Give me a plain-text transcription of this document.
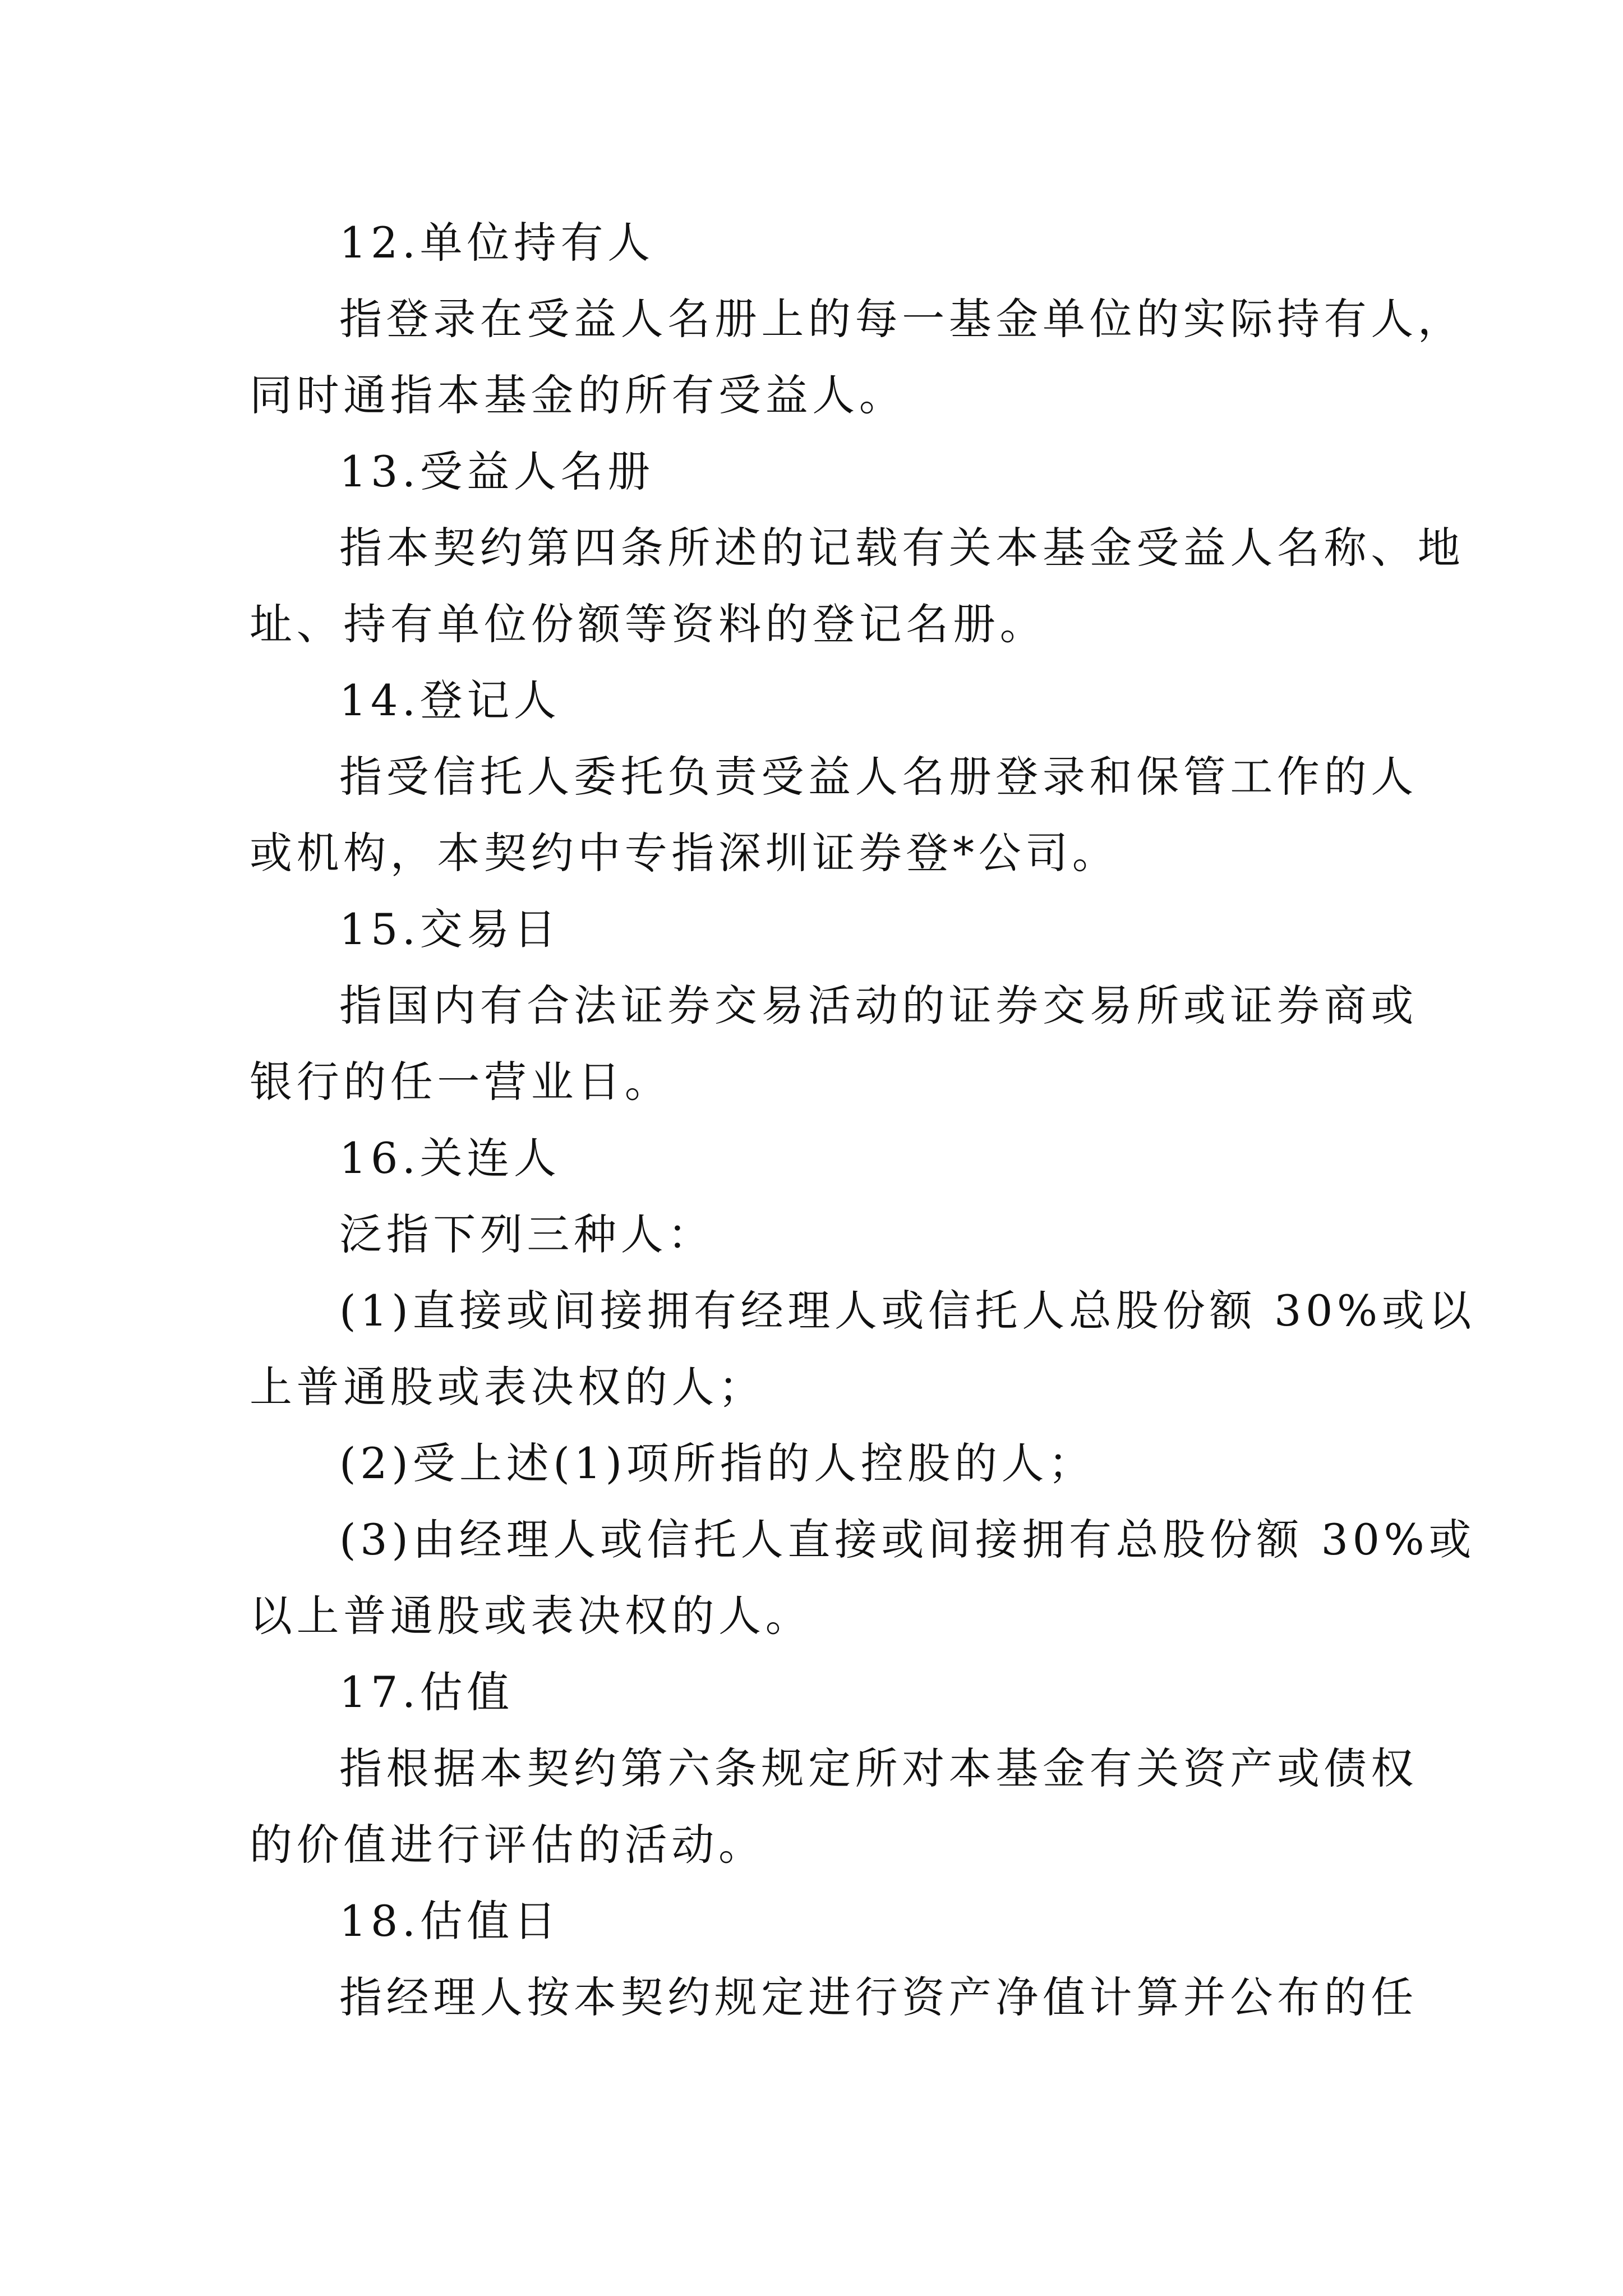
12.单位持有人

指登录在受益人名册上的每一基金单位的实际持有人，

同时通指本基金的所有受益人。

13.受益人名册

指本契约第四条所述的记载有关本基金受益人名称、地

址、持有单位份额等资料的登记名册。

14.登记人

指受信托人委托负责受益人名册登录和保管工作的人

或机构，本契约中专指深圳证券登*公司。

15.交易日

指国内有合法证券交易活动的证券交易所或证券商或

银行的任一营业日。

16.关连人

泛指下列三种人：

(1)直接或间接拥有经理人或信托人总股份额 30%或以

上普通股或表决权的人；

(2)受上述(1)项所指的人控股的人；

(3)由经理人或信托人直接或间接拥有总股份额 30%或

以上普通股或表决权的人。

17.估值

指根据本契约第六条规定所对本基金有关资产或债权

的价值进行评估的活动。

18.估值日

指经理人按本契约规定进行资产净值计算并公布的任
